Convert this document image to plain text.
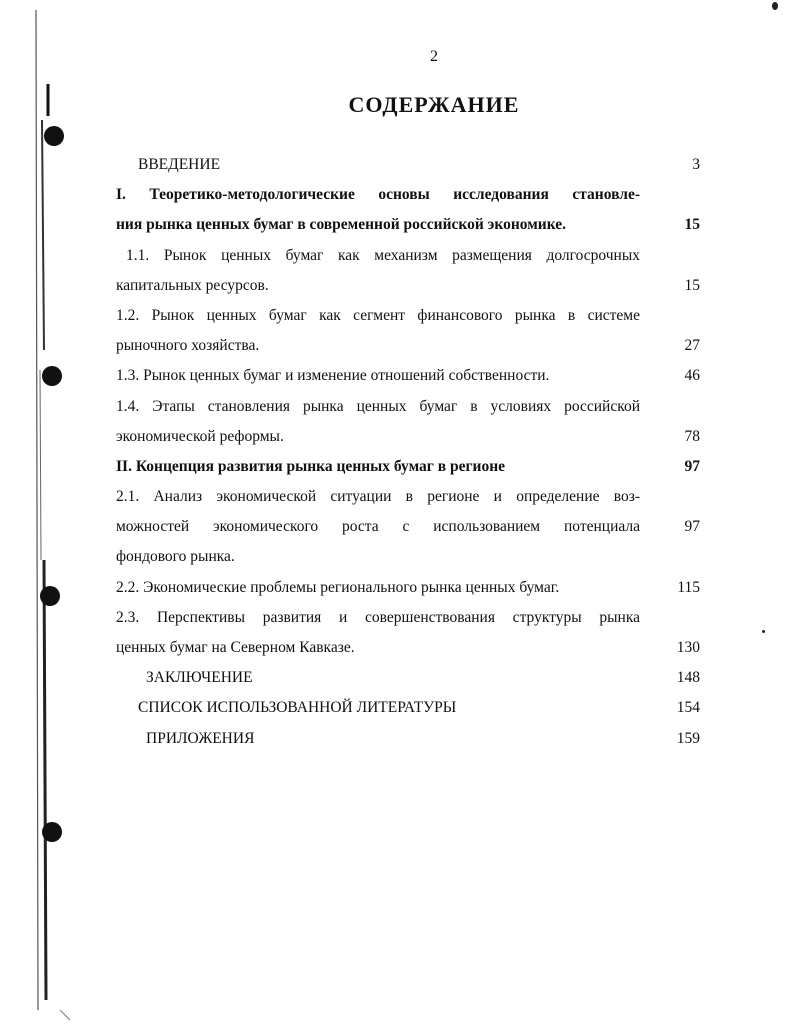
2
СОДЕРЖАНИЕ
ВВЕДЕНИЕ	3
I. Теоретико-методологические основы исследования становле-
ния рынка ценных бумаг в современной российской экономике.	15
1.1. Рынок ценных бумаг как механизм размещения долгосрочных
капитальных ресурсов.	15
1.2. Рынок ценных бумаг как сегмент финансового рынка в системе
рыночного хозяйства.	27
1.3. Рынок ценных бумаг и изменение отношений собственности.	46
1.4. Этапы становления рынка ценных бумаг в условиях российской
экономической реформы.	78
II. Концепция развития рынка ценных бумаг в регионе	97
2.1. Анализ экономической ситуации в регионе и определение воз-
можностей экономического роста с использованием потенциала	97
фондового рынка.
2.2. Экономические проблемы регионального рынка ценных бумаг.	115
2.3. Перспективы развития и совершенствования структуры рынка
ценных бумаг на Северном Кавказе.	130
ЗАКЛЮЧЕНИЕ	148
СПИСОК ИСПОЛЬЗОВАННОЙ ЛИТЕРАТУРЫ	154
ПРИЛОЖЕНИЯ	159
